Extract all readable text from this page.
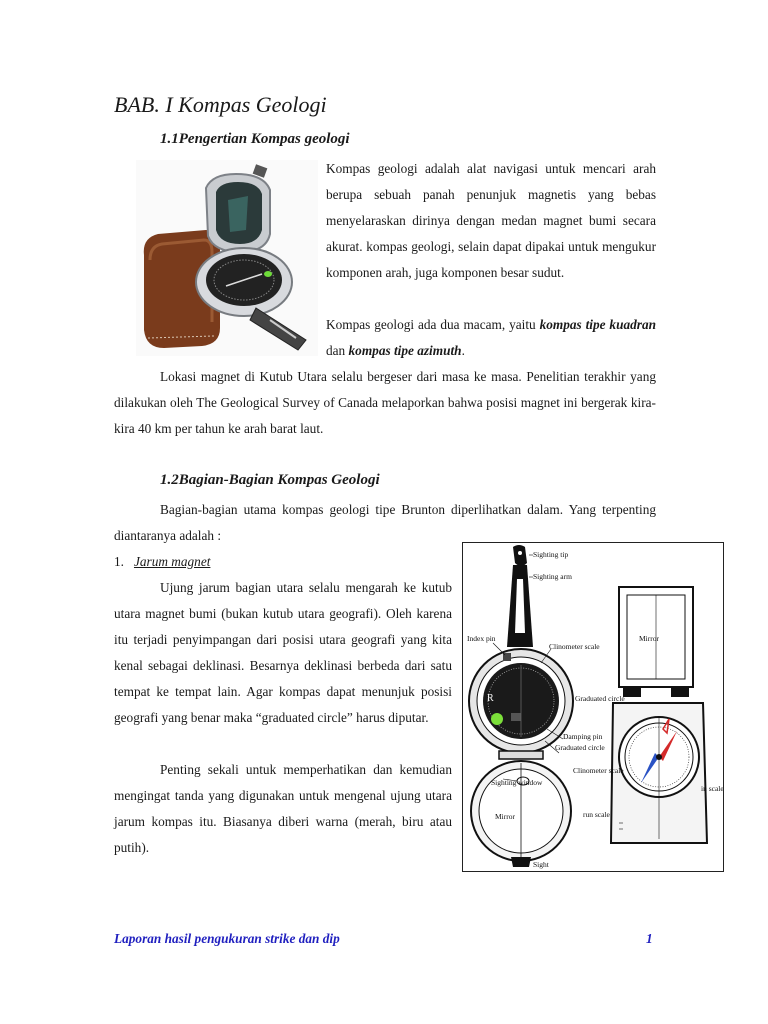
BAB. I Kompas Geologi
1.1Pengertian Kompas geologi
Kompas geologi adalah alat navigasi untuk mencari arah berupa sebuah panah penunjuk magnetis yang bebas menyelaraskan dirinya dengan medan magnet bumi secara akurat. kompas geologi, selain dapat dipakai untuk mengukur komponen arah, juga komponen besar sudut.
Kompas geologi ada dua macam, yaitu kompas tipe kuadran dan kompas tipe azimuth.
Lokasi magnet di Kutub Utara selalu bergeser dari masa ke masa. Penelitian terakhir yang dilakukan oleh The Geological Survey of Canada melaporkan bahwa posisi magnet ini bergerak kira-kira 40 km per tahun ke arah barat laut.
1.2Bagian-Bagian Kompas Geologi
Bagian-bagian utama kompas geologi tipe Brunton diperlihatkan dalam. Yang terpenting diantaranya adalah :
1. Jarum magnet
Ujung jarum bagian utara selalu mengarah ke kutub utara magnet bumi (bukan kutub utara geografi). Oleh karena itu terjadi penyimpangan dari posisi utara geografi yang kita kenal sebagai deklinasi. Besarnya deklinasi berbeda dari satu tempat ke tempat lain. Agar kompas dapat menunjuk posisi geografi yang benar maka “graduated circle” harus diputar.
Penting sekali untuk memperhatikan dan kemudian mengingat tanda yang digunakan untuk mengenal ujung utara jarum kompas itu. Biasanya diberi warna (merah, biru atau putih).
R
Sighting tip
Sighting arm
Index pin
Clinometer scale
Mirror
Graduated circle
Damping pin
Graduated circle
Clinometer scale
Sighting window
Mirror
Sight
run scale
in scale
Laporan hasil pengukuran strike dan dip	1
